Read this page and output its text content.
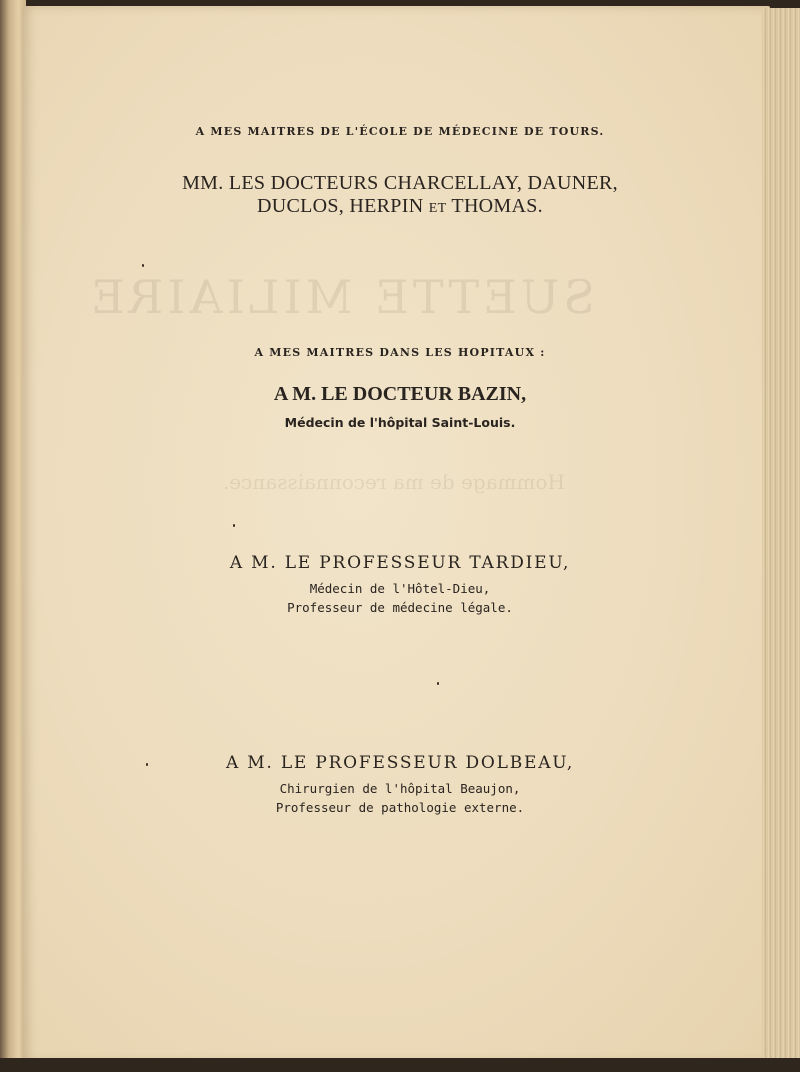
A MES MAITRES DE L'ÉCOLE DE MÉDECINE DE TOURS.

MM. LES DOCTEURS CHARCELLAY, DAUNER,

DUCLOS, HERPIN ET THOMAS.

A MES MAITRES DANS LES HOPITAUX :

A M. LE DOCTEUR BAZIN,

Médecin de l'hôpital Saint-Louis.

A M. LE PROFESSEUR TARDIEU,

Médecin de l'Hôtel-Dieu,

Professeur de médecine légale.

A M. LE PROFESSEUR DOLBEAU,

Chirurgien de l'hôpital Beaujon,

Professeur de pathologie externe.
